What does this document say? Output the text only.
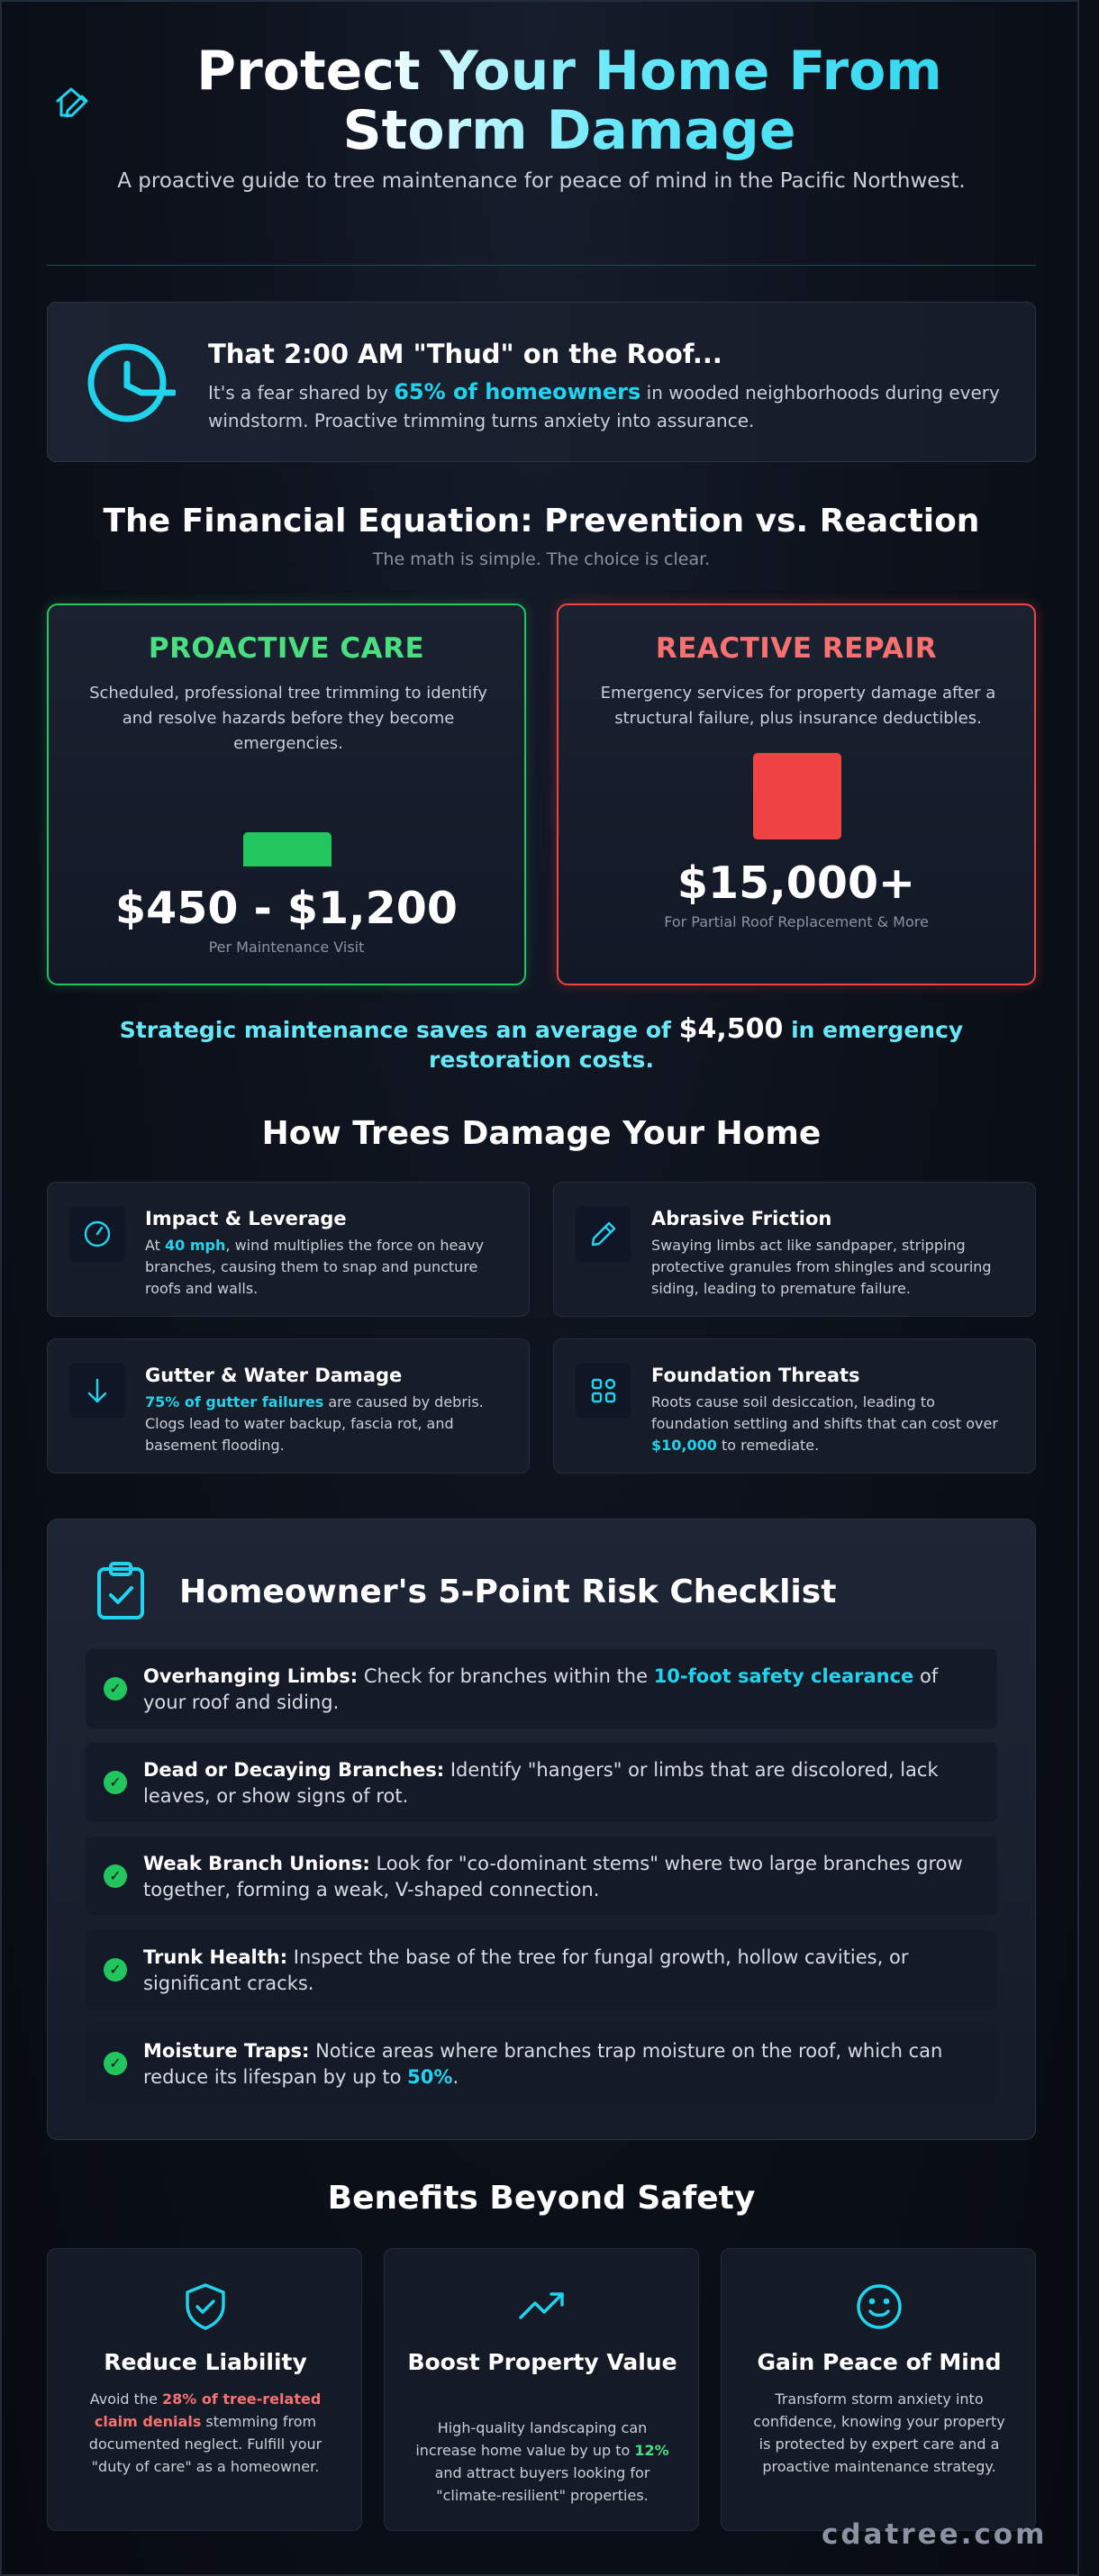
Protect Your Home From Storm Damage
A proactive guide to tree maintenance for peace of mind in the Pacific Northwest.
That 2:00 AM "Thud" on the Roof...
It's a fear shared by 65% of homeowners in wooded neighborhoods during every windstorm. Proactive trimming turns anxiety into assurance.
The Financial Equation: Prevention vs. Reaction
The math is simple. The choice is clear.
PROACTIVE CARE
Scheduled, professional tree trimming to identify and resolve hazards before they become emergencies.
$450 - $1,200
Per Maintenance Visit
REACTIVE REPAIR
Emergency services for property damage after a structural failure, plus insurance deductibles.
$15,000+
For Partial Roof Replacement & More
Strategic maintenance saves an average of $4,500 in emergency restoration costs.
How Trees Damage Your Home
Impact & Leverage
At 40 mph, wind multiplies the force on heavy branches, causing them to snap and puncture roofs and walls.
Abrasive Friction
Swaying limbs act like sandpaper, stripping protective granules from shingles and scouring siding, leading to premature failure.
Gutter & Water Damage
75% of gutter failures are caused by debris. Clogs lead to water backup, fascia rot, and basement flooding.
Foundation Threats
Roots cause soil desiccation, leading to foundation settling and shifts that can cost over $10,000 to remediate.
Homeowner's 5-Point Risk Checklist
✓
Overhanging Limbs: Check for branches within the 10-foot safety clearance of your roof and siding.
✓
Dead or Decaying Branches: Identify "hangers" or limbs that are discolored, lack leaves, or show signs of rot.
✓
Weak Branch Unions: Look for "co-dominant stems" where two large branches grow together, forming a weak, V-shaped connection.
✓
Trunk Health: Inspect the base of the tree for fungal growth, hollow cavities, or significant cracks.
✓
Moisture Traps: Notice areas where branches trap moisture on the roof, which can reduce its lifespan by up to 50%.
Benefits Beyond Safety
Reduce Liability
Avoid the 28% of tree-related claim denials stemming from documented neglect. Fulfill your "duty of care" as a homeowner.
Boost Property Value
High-quality landscaping can increase home value by up to 12% and attract buyers looking for "climate-resilient" properties.
Gain Peace of Mind
Transform storm anxiety into confidence, knowing your property is protected by expert care and a proactive maintenance strategy.
cdatree.com
